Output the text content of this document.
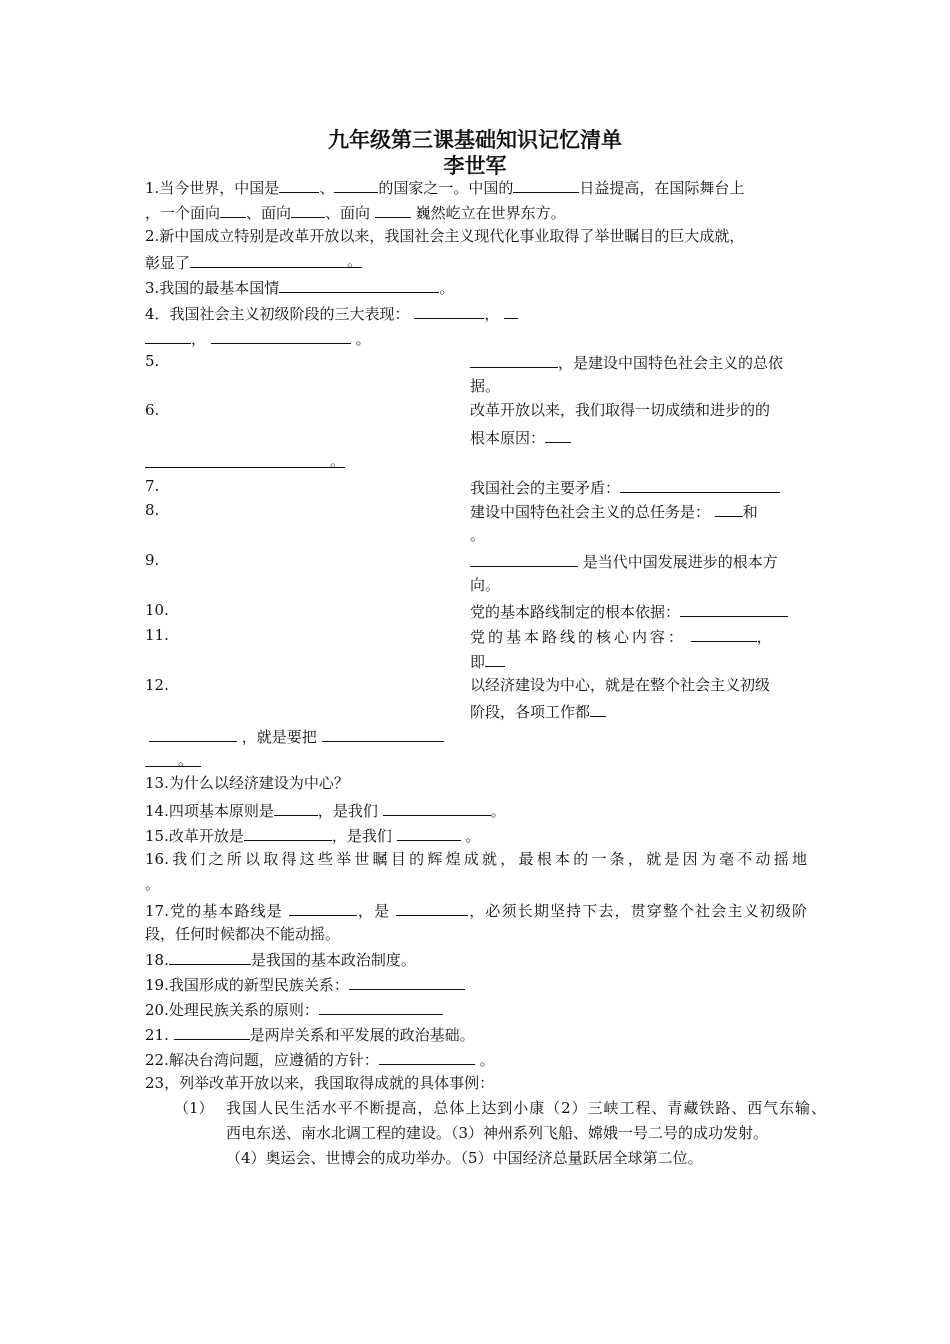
九年级第三课基础知识记忆清单
李世军
1.当今世界，中国是	、	的国家之一。中国的	日益提高，在国际舞台上
，一个面向 、面向 、面向	巍然屹立在世界东方。
2.新中国成立特别是改革开放以来，我国社会主义现代化事业取得了举世瞩目的巨大成就，
彰显了	。
3.我国的最基本国情	。
4．我国社会主义初级阶段的三大表现：	，
，	。
5.	，是建设中国特色社会主义的总依
据。
6.	改革开放以来，我们取得一切成绩和进步的的
根本原因：
。
7.	我国社会的主要矛盾：
8.	建设中国特色社会主义的总任务是： 和
。
9.	是当代中国发展进步的根本方
向。
10.	党的基本路线制定的根本依据：
11.	党的基本路线的核心内容：	，
即
12.	以经济建设为中心，就是在整个社会主义初级
阶段，各项工作都
，就是要把
。
13.为什么以经济建设为中心？
14.四项基本原则是	，是我们	。
15.改革开放是	，是我们	。
16.我们之所以取得这些举世瞩目的辉煌成就，最根本的一条，就是因为毫不动摇地
。
17.党的基本路线是	，是	，必须长期坚持下去，贯穿整个社会主义初级阶
段，任何时候都决不能动摇。
18.	是我国的基本政治制度。
19.我国形成的新型民族关系：
20.处理民族关系的原则：
21.	是两岸关系和平发展的政治基础。
22.解决台湾问题，应遵循的方针：	。
23，列举改革开放以来，我国取得成就的具体事例：
（1） 我国人民生活水平不断提高，总体上达到小康（2）三峡工程、青藏铁路、西气东输、
西电东送、南水北调工程的建设。（3）神州系列飞船、嫦娥一号二号的成功发射。
（4）奥运会、世博会的成功举办。（5）中国经济总量跃居全球第二位。
